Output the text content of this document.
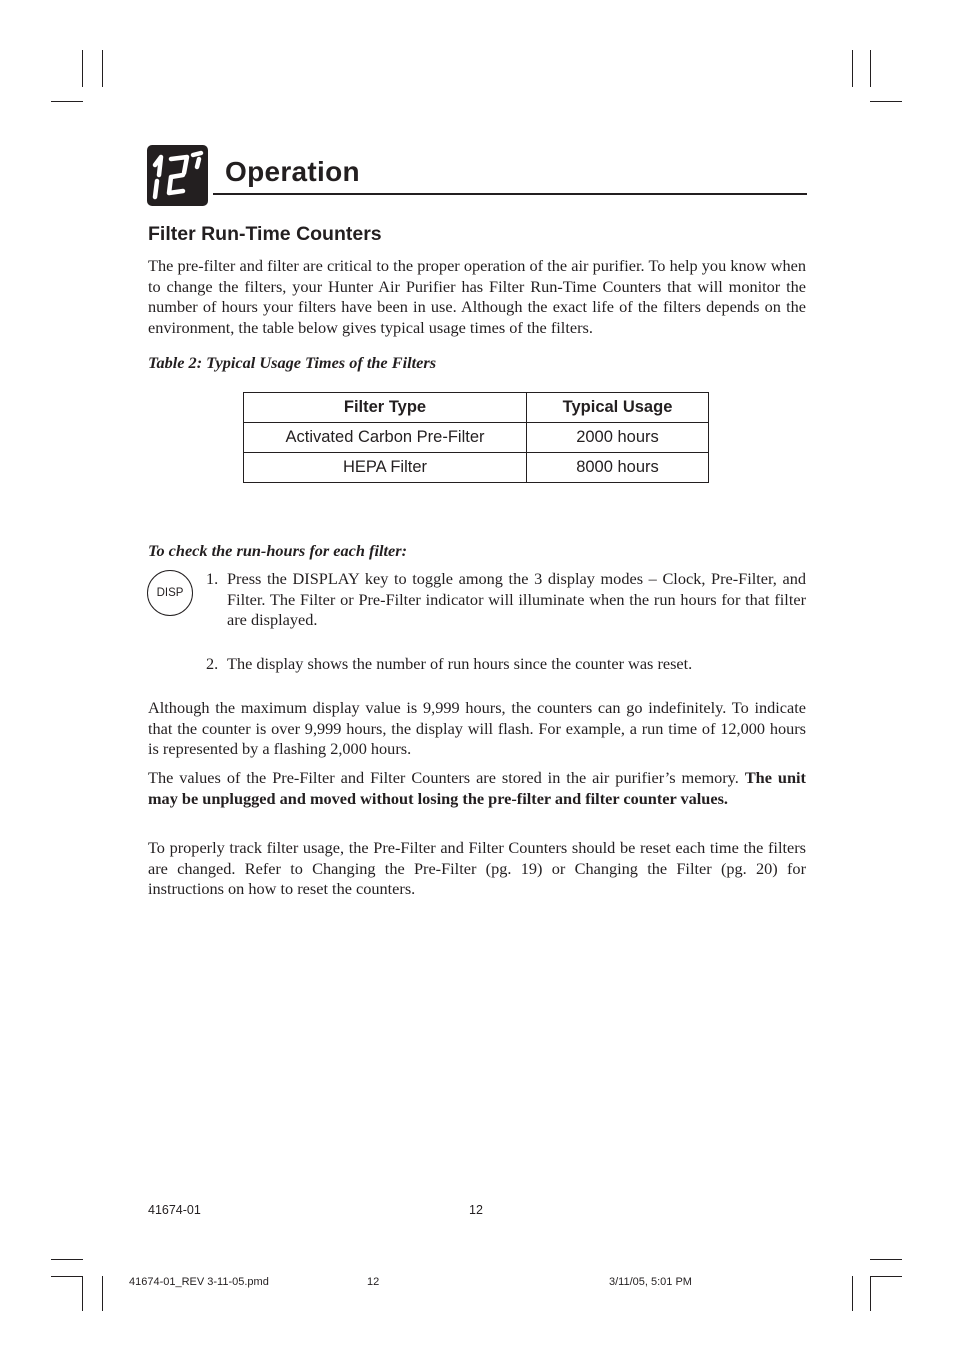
Operation
Filter Run-Time Counters
The pre-filter and filter are critical to the proper operation of the air purifier. To help you know when to change the filters, your Hunter Air Purifier has Filter Run-Time Counters that will monitor the number of hours your filters have been in use. Although the exact life of the filters depends on the environment, the table below gives typical usage times of the filters.
Table 2: Typical Usage Times of the Filters
Filter Type	Typical Usage
Activated Carbon Pre-Filter	2000 hours
HEPA Filter	8000 hours
To check the run-hours for each filter:
DISP
1. Press the DISPLAY key to toggle among the 3 display modes – Clock, Pre-Filter, and Filter. The Filter or Pre-Filter indicator will illuminate when the run hours for that filter are displayed.
2. The display shows the number of run hours since the counter was reset.
Although the maximum display value is 9,999 hours, the counters can go indefinitely. To indicate that the counter is over 9,999 hours, the display will flash. For example, a run time of 12,000 hours is represented by a flashing 2,000 hours.
The values of the Pre-Filter and Filter Counters are stored in the air purifier’s memory. The unit may be unplugged and moved without losing the pre-filter and filter counter values.
To properly track filter usage, the Pre-Filter and Filter Counters should be reset each time the filters are changed. Refer to Changing the Pre-Filter (pg. 19) or Changing the Filter (pg. 20) for instructions on how to reset the counters.
41674-01	12
41674-01_REV 3-11-05.pmd	12	3/11/05, 5:01 PM
